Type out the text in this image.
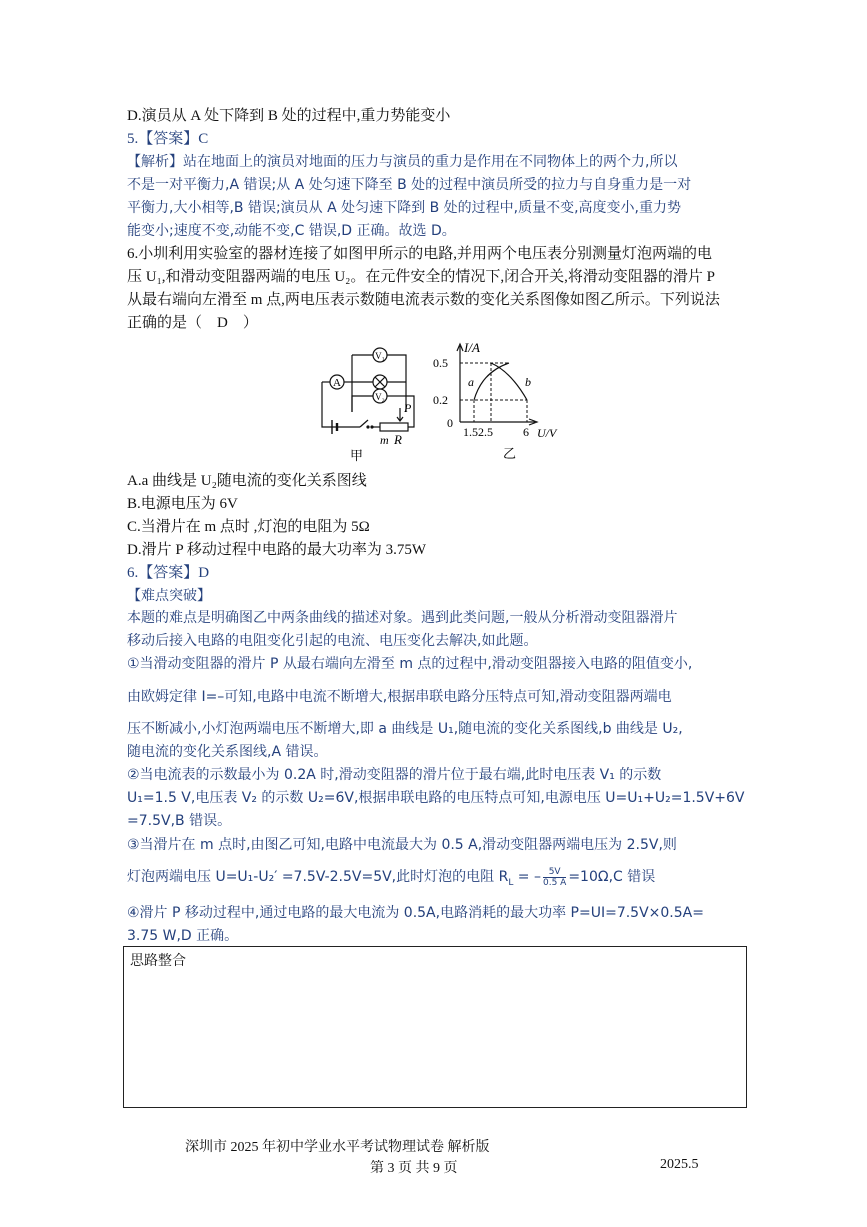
D.演员从 A 处下降到 B 处的过程中,重力势能变小
5.【答案】C
【解析】站在地面上的演员对地面的压力与演员的重力是作用在不同物体上的两个力,所以
不是一对平衡力,A 错误;从 A 处匀速下降至 B 处的过程中演员所受的拉力与自身重力是一对
平衡力,大小相等,B 错误;演员从 A 处匀速下降到 B 处的过程中,质量不变,高度变小,重力势
能变小;速度不变,动能不变,C 错误,D 正确。故选 D。
6.小圳利用实验室的器材连接了如图甲所示的电路,并用两个电压表分别测量灯泡两端的电
压 U₁,和滑动变阻器两端的电压 U₂。在元件安全的情况下,闭合开关,将滑动变阻器的滑片 P
从最右端向左滑至 m 点,两电压表示数随电流表示数的变化关系图像如图乙所示。下列说法
正确的是（　D　）
A
V₁
V₂
P
m R
甲
I/A
0.5
0.2
0
a	b
1.52.5	6 U/V
乙
A.a 曲线是 U₂随电流的变化关系图线
B.电源电压为 6V
C.当滑片在 m 点时 ,灯泡的电阻为 5Ω
D.滑片 P 移动过程中电路的最大功率为 3.75W
6.【答案】D
【难点突破】
本题的难点是明确图乙中两条曲线的描述对象。遇到此类问题,一般从分析滑动变阻器滑片
移动后接入电路的电阻变化引起的电流、电压变化去解决,如此题。
①当滑动变阻器的滑片 P 从最右端向左滑至 m 点的过程中,滑动变阻器接入电路的阻值变小,
由欧姆定律 I=–可知,电路中电流不断增大,根据串联电路分压特点可知,滑动变阻器两端电
压不断减小,小灯泡两端电压不断增大,即 a 曲线是 U₁,随电流的变化关系图线,b 曲线是 U₂,
随电流的变化关系图线,A 错误。
②当电流表的示数最小为 0.2A 时,滑动变阻器的滑片位于最右端,此时电压表 V₁ 的示数
U₁=1.5 V,电压表 V₂ 的示数 U₂=6V,根据串联电路的电压特点可知,电源电压 U=U₁+U₂=1.5V+6V
=7.5V,B 错误。
③当滑片在 m 点时,由图乙可知,电路中电流最大为 0.5 A,滑动变阻器两端电压为 2.5V,则
灯泡两端电压 U=U₁-U₂′ =7.5V-2.5V=5V,此时灯泡的电阻 $R_L$ = – $\frac{5V}{0.5 A} =10\Omega,C$ 错误
④滑片 P 移动过程中,通过电路的最大电流为 0.5A,电路消耗的最大功率 P=UI=7.5V×0.5A=
3.75 W,D 正确。
思路整合
深圳市 2025 年初中学业水平考试物理试卷 解析版
第 3 页 共 9 页	2025.5
